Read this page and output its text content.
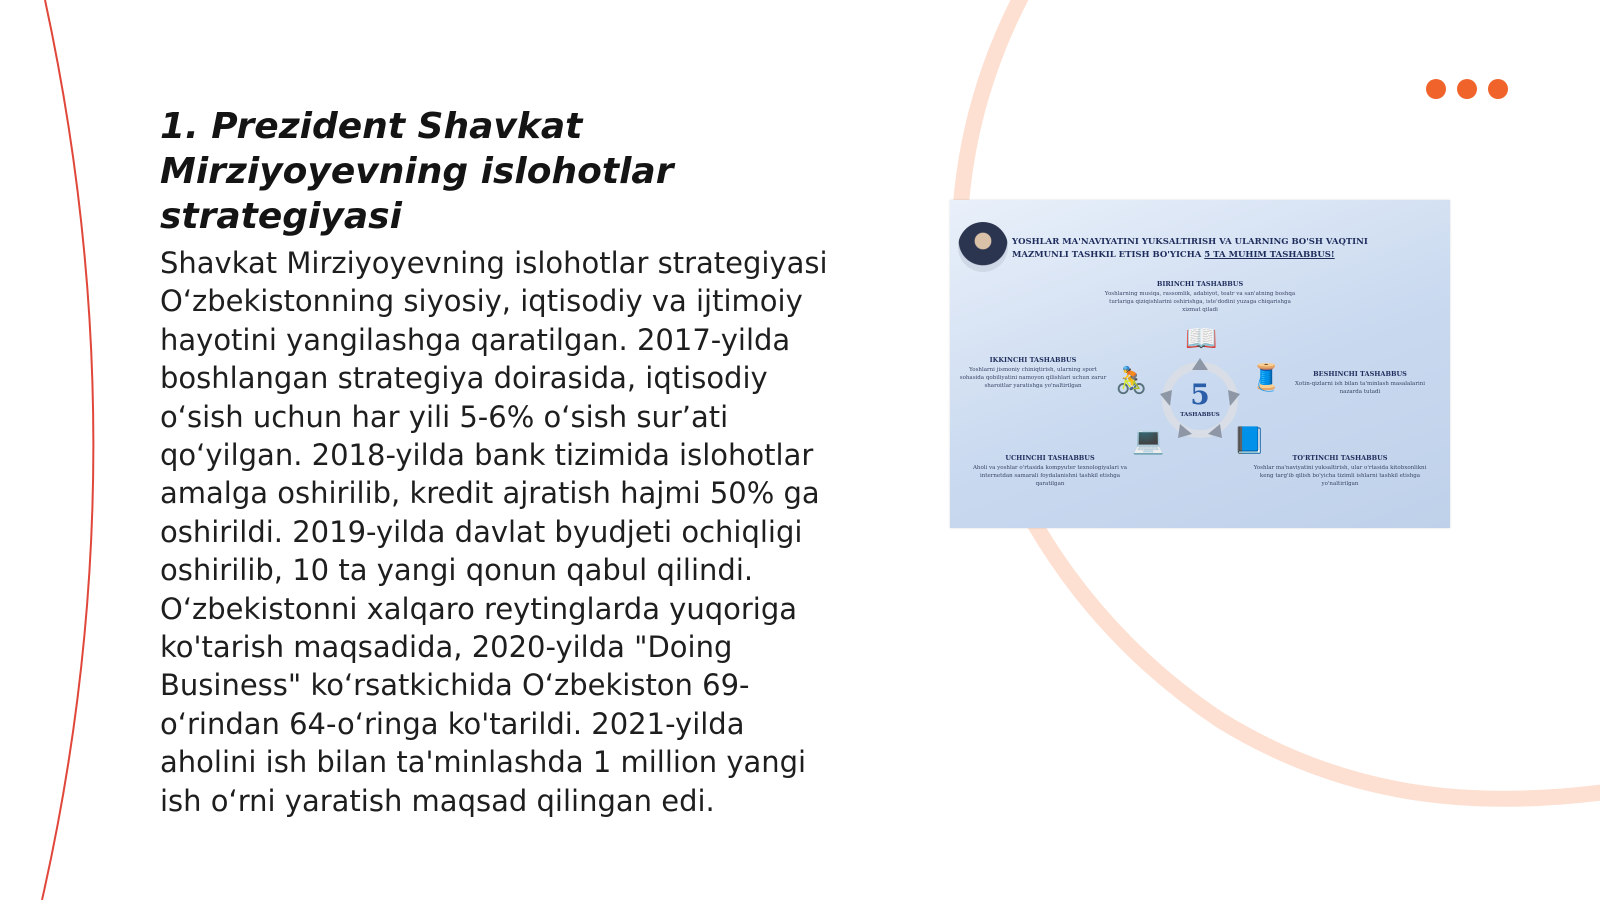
1. Prezident Shavkat Mirziyoyevning islohotlar strategiyasi

Shavkat Mirziyoyevning islohotlar strategiyasi O‘zbekistonning siyosiy, iqtisodiy va ijtimoiy hayotini yangilashga qaratilgan. 2017-yilda boshlangan strategiya doirasida, iqtisodiy o‘sish uchun har yili 5-6% o‘sish sur’ati qo‘yilgan. 2018-yilda bank tizimida islohotlar amalga oshirilib, kredit ajratish hajmi 50% ga oshirildi. 2019-yilda davlat byudjeti ochiqligi oshirilib, 10 ta yangi qonun qabul qilindi. O‘zbekistonni xalqaro reytinglarda yuqoriga ko'tarish maqsadida, 2020-yilda "Doing Business" ko‘rsatkichida O‘zbekiston 69-o‘rindan 64-o‘ringa ko'tarildi. 2021-yilda aholini ish bilan ta'minlashda 1 million yangi ish o‘rni yaratish maqsad qilingan edi.

YOSHLAR MA'NAVIYATINI YUKSALTIRISH VA ULARNING BO'SH VAQTINI
MAZMUNLI TASHKIL ETISH BO'YICHA 5 TA MUHIM TASHABBUS!
BIRINCHI TASHABBUS
Yoshlarning musiqa, rassomlik, adabiyot, teatr va san'atning boshqa turlariga qiziqishlarini oshirishga, iste'dodini yuzaga chiqarishga xizmat qiladi
IKKINCHI TASHABBUS
Yoshlarni jismoniy chiniqtirish, ularning sport sohasida qobiliyatini namoyon qilishlari uchun zarur sharoitlar yaratishga yo'naltirilgan
UCHINCHI TASHABBUS
Aholi va yoshlar o'rtasida kompyuter texnologiyalari va internetdan samarali foydalanishni tashkil etishga qaratilgan
TO'RTINCHI TASHABBUS
Yoshlar ma'naviyatini yuksaltirish, ular o'rtasida kitobxonlikni keng targ'ib qilish bo'yicha tizimli ishlarni tashkil etishga yo'naltirilgan
BESHINCHI TASHABBUS
Xotin-qizlarni ish bilan ta'minlash masalalarini nazarda tutadi
5
TASHABBUS
📖
🚴	🧵
💻	📘
